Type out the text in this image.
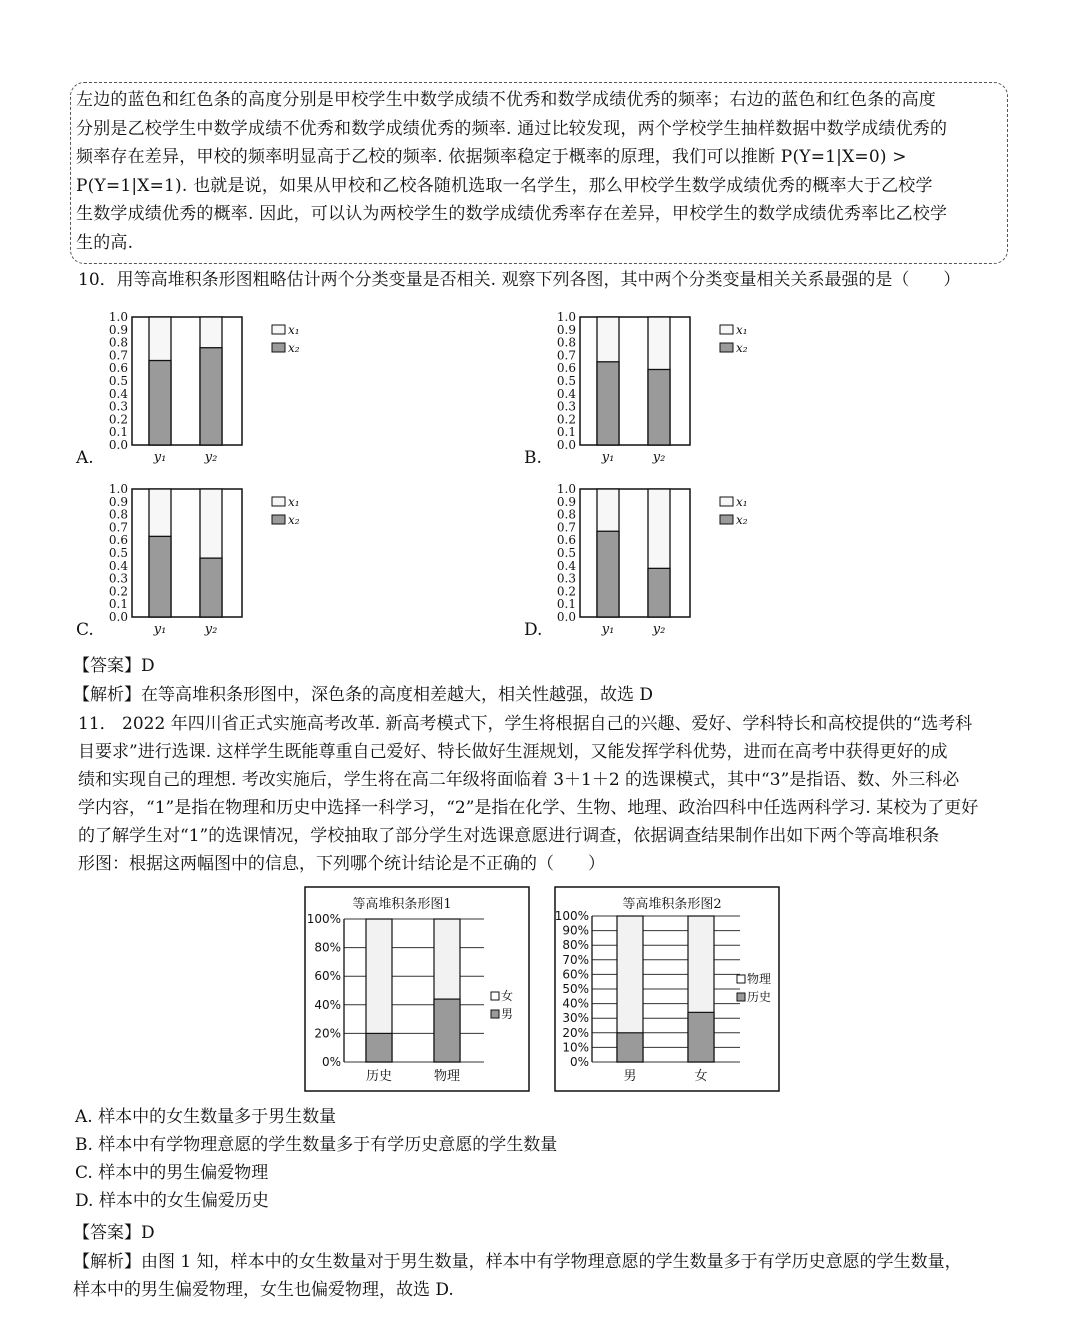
左边的蓝色和红色条的高度分别是甲校学生中数学成绩不优秀和数学成绩优秀的频率；右边的蓝色和红色条的高度
分别是乙校学生中数学成绩不优秀和数学成绩优秀的频率. 通过比较发现，两个学校学生抽样数据中数学成绩优秀的
频率存在差异，甲校的频率明显高于乙校的频率. 依据频率稳定于概率的原理，我们可以推断 P(Y=1|X=0) >
P(Y=1|X=1). 也就是说，如果从甲校和乙校各随机选取一名学生，那么甲校学生数学成绩优秀的概率大于乙校学
生数学成绩优秀的概率. 因此，可以认为两校学生的数学成绩优秀率存在差异，甲校学生的数学成绩优秀率比乙校学
生的高.
10．用等高堆积条形图粗略估计两个分类变量是否相关. 观察下列各图，其中两个分类变量相关关系最强的是（　　）
A.
0.0
0.1
0.2
0.3
0.4
0.5
0.6
0.7
0.8
0.9
1.0
y₁	y₂
x₁
x₂
B.
0.0
0.1
0.2
0.3
0.4
0.5
0.6
0.7
0.8
0.9
1.0
y₁	y₂
x₁
x₂
C.
0.0
0.1
0.2
0.3
0.4
0.5
0.6
0.7
0.8
0.9
1.0
y₁	y₂
x₁
x₂
D.
0.0
0.1
0.2
0.3
0.4
0.5
0.6
0.7
0.8
0.9
1.0
y₁	y₂
x₁
x₂
【答案】D
【解析】在等高堆积条形图中，深色条的高度相差越大，相关性越强，故选 D
11． 2022 年四川省正式实施高考改革. 新高考模式下，学生将根据自己的兴趣、爱好、学科特长和高校提供的“选考科
目要求”进行选课. 这样学生既能尊重自己爱好、特长做好生涯规划，又能发挥学科优势，进而在高考中获得更好的成
绩和实现自己的理想. 考改实施后，学生将在高二年级将面临着 3＋1＋2 的选课模式，其中“3”是指语、数、外三科必
学内容，“1”是指在物理和历史中选择一科学习，“2”是指在化学、生物、地理、政治四科中任选两科学习. 某校为了更好
的了解学生对“1”的选课情况，学校抽取了部分学生对选课意愿进行调查，依据调查结果制作出如下两个等高堆积条
形图：根据这两幅图中的信息，下列哪个统计结论是不正确的（　　）
等高堆积条形图1
0%
20%
40%
60%
80%
100%
历史	物理
女
男
等高堆积条形图2
0%
10%
20%
30%
40%
50%
60%
70%
80%
90%
100%
男	女
物理
历史
A. 样本中的女生数量多于男生数量
B. 样本中有学物理意愿的学生数量多于有学历史意愿的学生数量
C. 样本中的男生偏爱物理
D. 样本中的女生偏爱历史
【答案】D
【解析】由图 1 知，样本中的女生数量对于男生数量，样本中有学物理意愿的学生数量多于有学历史意愿的学生数量，
样本中的男生偏爱物理，女生也偏爱物理，故选 D.
